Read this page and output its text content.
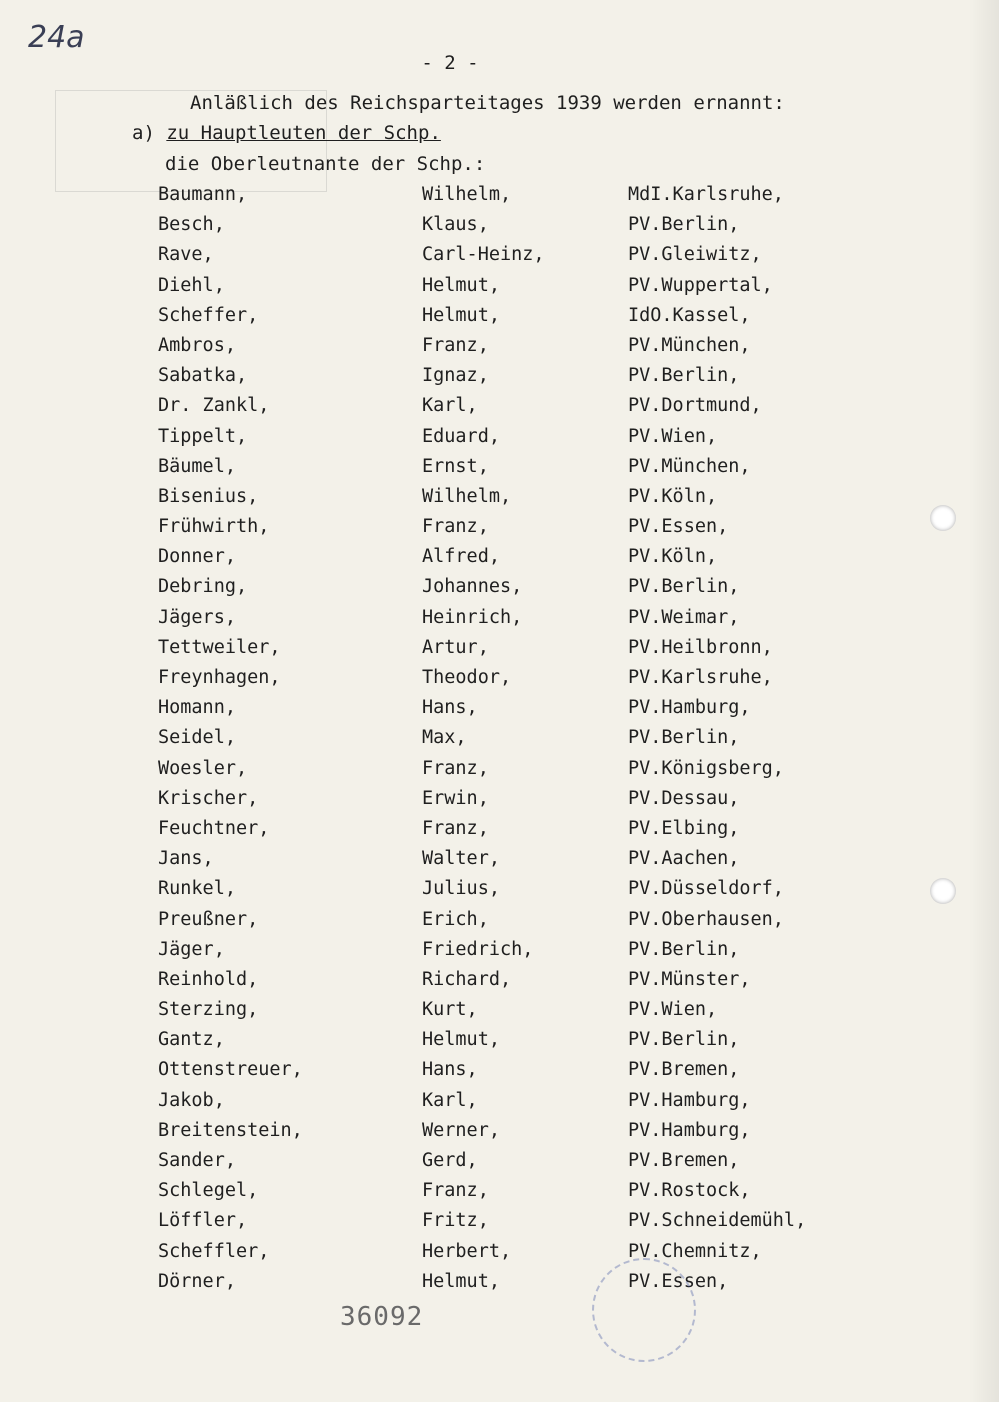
24a
- 2 -
Anläßlich des Reichsparteitages 1939 werden ernannt:
a) zu Hauptleuten der Schp.
die Oberleutnante der Schp.:
Baumann,	Wilhelm,	MdI.Karlsruhe,
Besch,	Klaus,	PV.Berlin,
Rave,	Carl-Heinz,	PV.Gleiwitz,
Diehl,	Helmut,	PV.Wuppertal,
Scheffer,	Helmut,	IdO.Kassel,
Ambros,	Franz,	PV.München,
Sabatka,	Ignaz,	PV.Berlin,
Dr. Zankl,	Karl,	PV.Dortmund,
Tippelt,	Eduard,	PV.Wien,
Bäumel,	Ernst,	PV.München,
Bisenius,	Wilhelm,	PV.Köln,
Frühwirth,	Franz,	PV.Essen,
Donner,	Alfred,	PV.Köln,
Debring,	Johannes,	PV.Berlin,
Jägers,	Heinrich,	PV.Weimar,
Tettweiler,	Artur,	PV.Heilbronn,
Freynhagen,	Theodor,	PV.Karlsruhe,
Homann,	Hans,	PV.Hamburg,
Seidel,	Max,	PV.Berlin,
Woesler,	Franz,	PV.Königsberg,
Krischer,	Erwin,	PV.Dessau,
Feuchtner,	Franz,	PV.Elbing,
Jans,	Walter,	PV.Aachen,
Runkel,	Julius,	PV.Düsseldorf,
Preußner,	Erich,	PV.Oberhausen,
Jäger,	Friedrich,	PV.Berlin,
Reinhold,	Richard,	PV.Münster,
Sterzing,	Kurt,	PV.Wien,
Gantz,	Helmut,	PV.Berlin,
Ottenstreuer,	Hans,	PV.Bremen,
Jakob,	Karl,	PV.Hamburg,
Breitenstein,	Werner,	PV.Hamburg,
Sander,	Gerd,	PV.Bremen,
Schlegel,	Franz,	PV.Rostock,
Löffler,	Fritz,	PV.Schneidemühl,
Scheffler,	Herbert,	PV.Chemnitz,
Dörner,	Helmut,	PV.Essen,
36092
